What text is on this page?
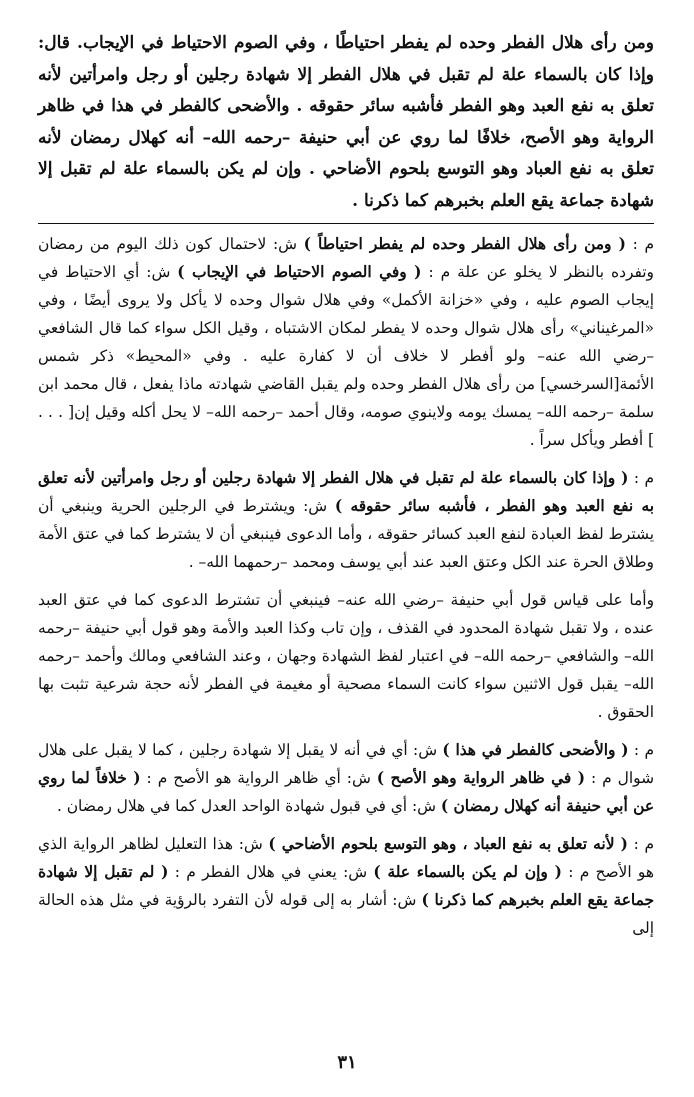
ومن رأى هلال الفطر وحده لم يفطر احتياطًا ، وفي الصوم الاحتياط في الإيجاب. قال: وإذا كان بالسماء علة لم تقبل في هلال الفطر إلا شهادة رجلين أو رجل وامرأتين لأنه تعلق به نفع العبد وهو الفطر فأشبه سائر حقوقه . والأضحى كالفطر في هذا في ظاهر الرواية وهو الأصح، خلافًا لما روي عن أبي حنيفة –رحمه الله– أنه كهلال رمضان لأنه تعلق به نفع العباد وهو التوسع بلحوم الأضاحي . وإن لم يكن بالسماء علة لم تقبل إلا شهادة جماعة يقع العلم بخبرهم كما ذكرنا .

م : ( ومن رأى هلال الفطر وحده لم يفطر احتياطاً ) ش: لاحتمال كون ذلك اليوم من رمضان وتفرده بالنظر لا يخلو عن علة م : ( وفي الصوم الاحتياط في الإيجاب ) ش: أي الاحتياط في إيجاب الصوم عليه ، وفي «خزانة الأكمل» وفي هلال شوال وحده لا يأكل ولا يروى أيضًا ، وفي «المرغيناني» رأى هلال شوال وحده لا يفطر لمكان الاشتباه ، وقيل الكل سواء كما قال الشافعي –رضي الله عنه– ولو أفطر لا خلاف أن لا كفارة عليه . وفي «المحيط» ذكر شمس الأئمة[السرخسي] من رأى هلال الفطر وحده ولم يقبل القاضي شهادته ماذا يفعل ، قال محمد ابن سلمة –رحمه الله– يمسك يومه ولاينوي صومه، وقال أحمد –رحمه الله– لا يحل أكله وقيل إن[ . . . ] أفطر ويأكل سراً .

م : ( وإذا كان بالسماء علة لم تقبل في هلال الفطر إلا شهادة رجلين أو رجل وامرأتين لأنه تعلق به نفع العبد وهو الفطر ، فأشبه سائر حقوقه ) ش: ويشترط في الرجلين الحرية وينبغي أن يشترط لفظ العبادة لنفع العبد كسائر حقوقه ، وأما الدعوى فينبغي أن لا يشترط كما في عتق الأمة وطلاق الحرة عند الكل وعتق العبد عند أبي يوسف ومحمد –رحمهما الله– .

وأما على قياس قول أبي حنيفة –رضي الله عنه– فينبغي أن تشترط الدعوى كما في عتق العبد عنده ، ولا تقبل شهادة المحدود في القذف ، وإن تاب وكذا العبد والأمة وهو قول أبي حنيفة –رحمه الله– والشافعي –رحمه الله– في اعتبار لفظ الشهادة وجهان ، وعند الشافعي ومالك وأحمد –رحمه الله– يقبل قول الاثنين سواء كانت السماء مصحية أو مغيمة في الفطر لأنه حجة شرعية تثبت بها الحقوق .

م : ( والأضحى كالفطر في هذا ) ش: أي في أنه لا يقبل إلا شهادة رجلين ، كما لا يقبل على هلال شوال م : ( في ظاهر الرواية وهو الأصح ) ش: أي ظاهر الرواية هو الأصح م : ( خلافاً لما روي عن أبي حنيفة أنه كهلال رمضان ) ش: أي في قبول شهادة الواحد العدل كما في هلال رمضان .

م : ( لأنه تعلق به نفع العباد ، وهو التوسع بلحوم الأضاحي ) ش: هذا التعليل لظاهر الرواية الذي هو الأصح م : ( وإن لم يكن بالسماء علة ) ش: يعني في هلال الفطر م : ( لم تقبل إلا شهادة جماعة يقع العلم بخبرهم كما ذكرنا ) ش: أشار به إلى قوله لأن التفرد بالرؤية في مثل هذه الحالة إلى

٣١
